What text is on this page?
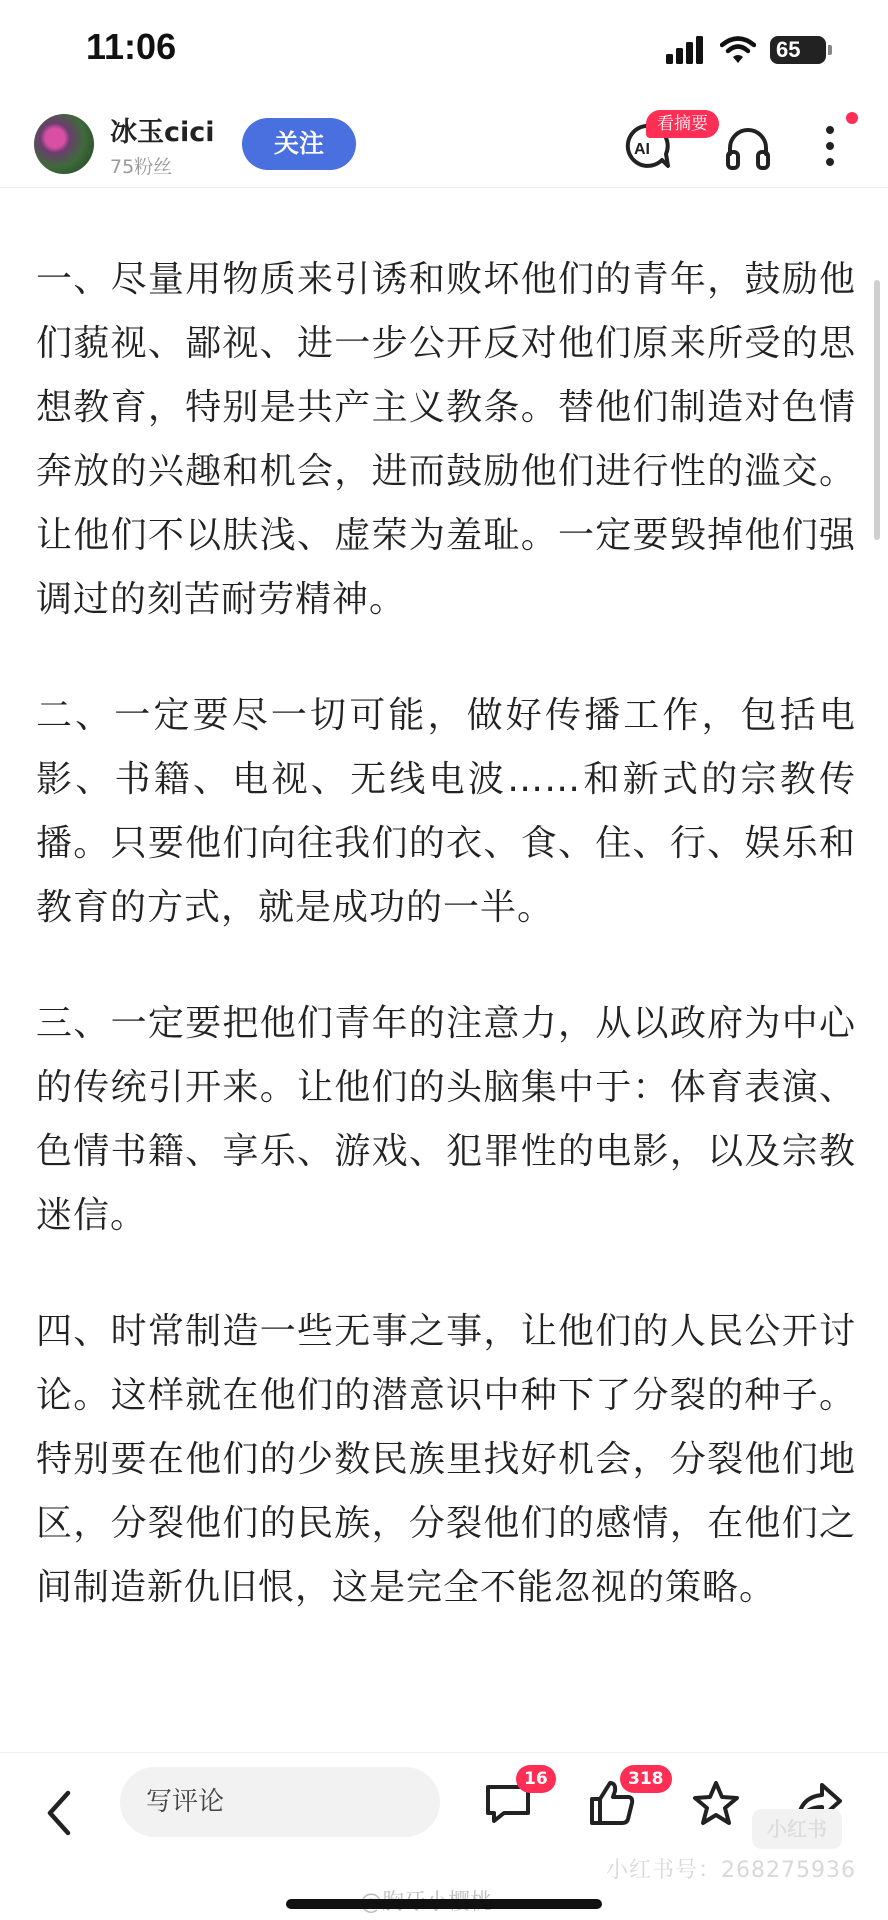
11:06	65
冰玉cici
75粉丝
关注	AI
看摘要

一、尽量用物质来引诱和败坏他们的青年，鼓励他们藐视、鄙视、进一步公开反对他们原来所受的思想教育，特别是共产主义教条。替他们制造对色情奔放的兴趣和机会，进而鼓励他们进行性的滥交。让他们不以肤浅、虚荣为羞耻。一定要毁掉他们强调过的刻苦耐劳精神。

二、一定要尽一切可能，做好传播工作，包括电影、书籍、电视、无线电波……和新式的宗教传播。只要他们向往我们的衣、食、住、行、娱乐和教育的方式，就是成功的一半。

三、一定要把他们青年的注意力，从以政府为中心的传统引开来。让他们的头脑集中于：体育表演、色情书籍、享乐、游戏、犯罪性的电影，以及宗教迷信。

四、时常制造一些无事之事，让他们的人民公开讨论。这样就在他们的潜意识中种下了分裂的种子。特别要在他们的少数民族里找好机会，分裂他们地区，分裂他们的民族，分裂他们的感情，在他们之间制造新仇旧恨，这是完全不能忽视的策略。

写评论
16	318
小红书
小红书号：268275936
